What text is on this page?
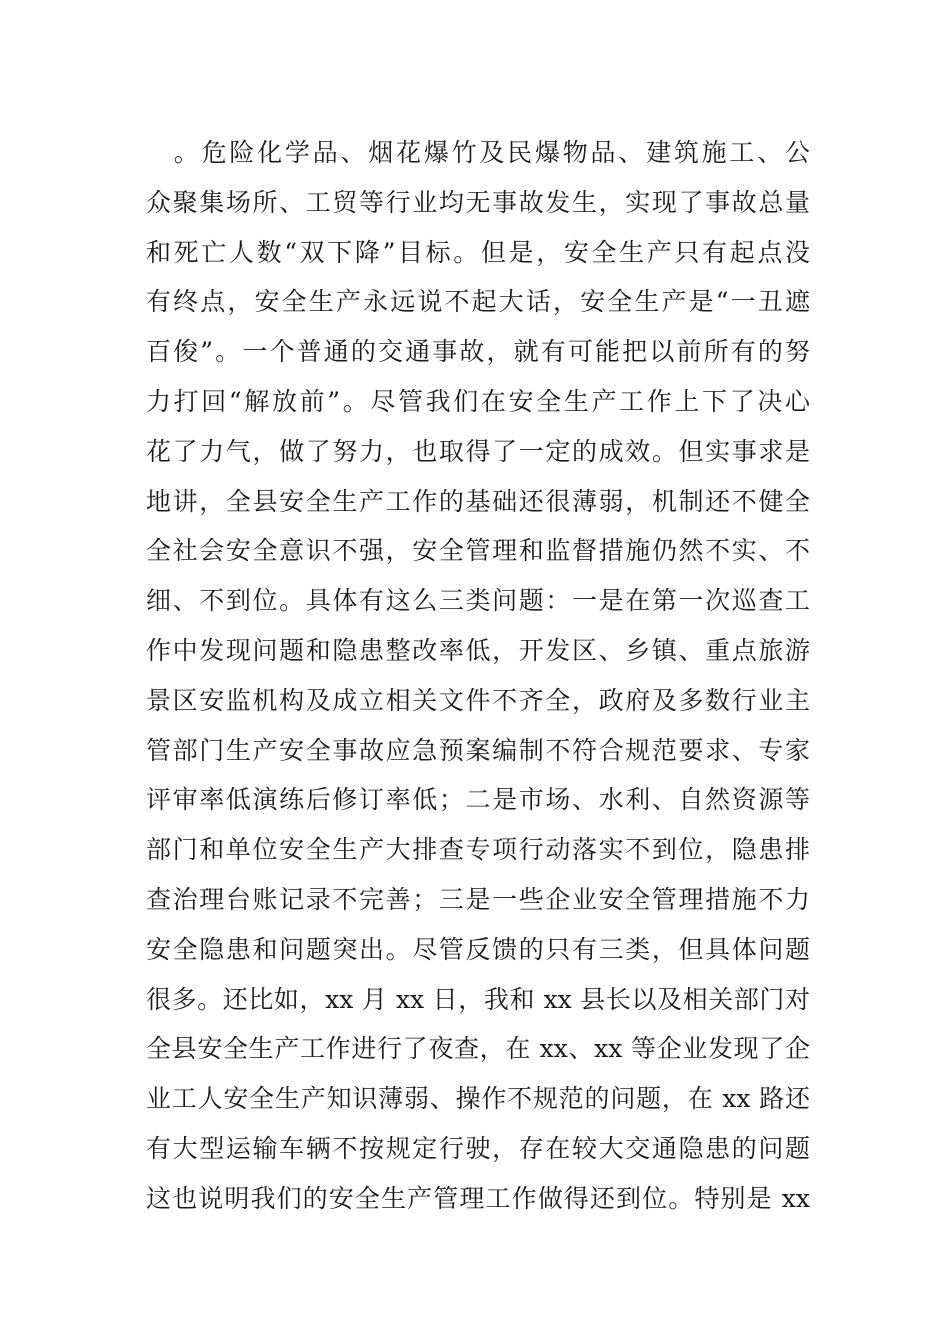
　。危险化学品、烟花爆竹及民爆物品、建筑施工、公
众聚集场所、工贸等行业均无事故发生，实现了事故总量
和死亡人数“双下降”目标。但是，安全生产只有起点没
有终点，安全生产永远说不起大话，安全生产是“一丑遮
百俊”。一个普通的交通事故，就有可能把以前所有的努
力打回“解放前”。尽管我们在安全生产工作上下了决心
花了力气，做了努力，也取得了一定的成效。但实事求是
地讲，全县安全生产工作的基础还很薄弱，机制还不健全
全社会安全意识不强，安全管理和监督措施仍然不实、不
细、不到位。具体有这么三类问题：一是在第一次巡查工
作中发现问题和隐患整改率低，开发区、乡镇、重点旅游
景区安监机构及成立相关文件不齐全，政府及多数行业主
管部门生产安全事故应急预案编制不符合规范要求、专家
评审率低演练后修订率低；二是市场、水利、自然资源等
部门和单位安全生产大排查专项行动落实不到位，隐患排
查治理台账记录不完善；三是一些企业安全管理措施不力
安全隐患和问题突出。尽管反馈的只有三类，但具体问题
很多。还比如，xx 月 xx 日，我和 xx 县长以及相关部门对
全县安全生产工作进行了夜查，在 xx、xx 等企业发现了企
业工人安全生产知识薄弱、操作不规范的问题，在 xx 路还
有大型运输车辆不按规定行驶，存在较大交通隐患的问题
这也说明我们的安全生产管理工作做得还到位。特别是 xx
